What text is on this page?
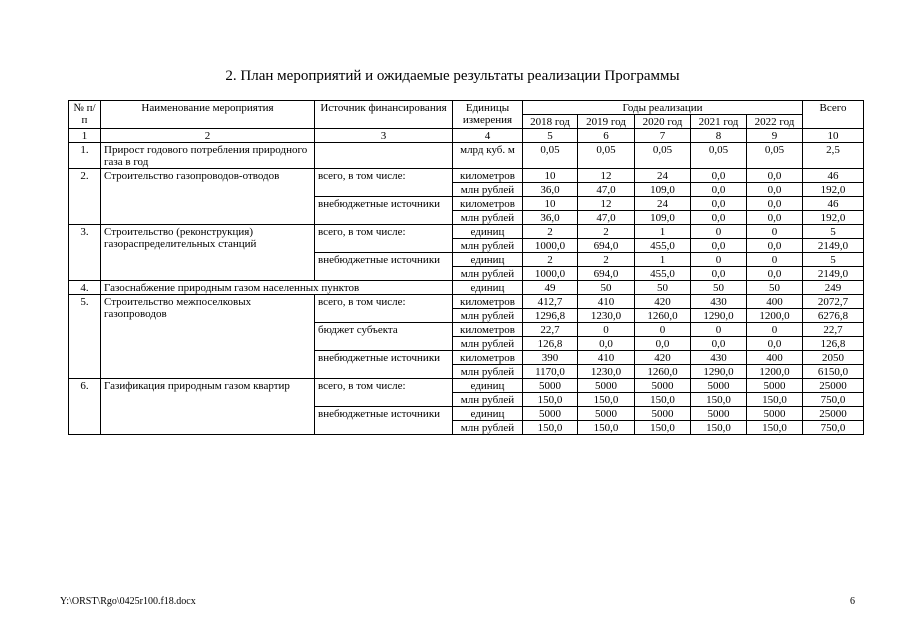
2. План мероприятий и ожидаемые результаты реализации Программы
№ п/п	Наименование мероприятия	Источник финансирования	Единицы измерения	Годы реализации					Всего
				2018 год	2019 год	2020 год	2021 год	2022 год	
1	2	3	4	5	6	7	8	9	10
1.	Прирост годового потребления природного газа в год		млрд куб. м	0,05	0,05	0,05	0,05	0,05	2,5
2.	Строительство газопроводов-отводов	всего, в том числе:	километров	10	12	24	0,0	0,0	46
			млн рублей	36,0	47,0	109,0	0,0	0,0	192,0
		внебюджетные источники	километров	10	12	24	0,0	0,0	46
			млн рублей	36,0	47,0	109,0	0,0	0,0	192,0
3.	Строительство (реконструкция) газораспределительных станций	всего, в том числе:	единиц	2	2	1	0	0	5
			млн рублей	1000,0	694,0	455,0	0,0	0,0	2149,0
		внебюджетные источники	единиц	2	2	1	0	0	5
			млн рублей	1000,0	694,0	455,0	0,0	0,0	2149,0
4.	Газоснабжение природным газом населенных пунктов		единиц	49	50	50	50	50	249
5.	Строительство межпоселковых газопроводов	всего, в том числе:	километров	412,7	410	420	430	400	2072,7
			млн рублей	1296,8	1230,0	1260,0	1290,0	1200,0	6276,8
		бюджет субъекта	километров	22,7	0	0	0	0	22,7
			млн рублей	126,8	0,0	0,0	0,0	0,0	126,8
		внебюджетные источники	километров	390	410	420	430	400	2050
			млн рублей	1170,0	1230,0	1260,0	1290,0	1200,0	6150,0
6.	Газификация природным газом квартир	всего, в том числе:	единиц	5000	5000	5000	5000	5000	25000
			млн рублей	150,0	150,0	150,0	150,0	150,0	750,0
		внебюджетные источники	единиц	5000	5000	5000	5000	5000	25000
			млн рублей	150,0	150,0	150,0	150,0	150,0	750,0
Y:\ORST\Rgo\0425r100.f18.docx	6
